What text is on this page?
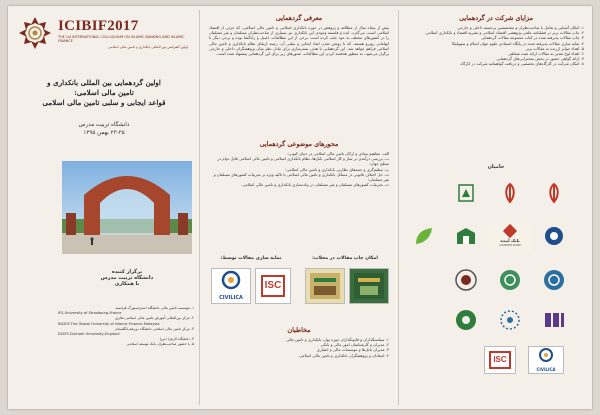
ICIBIF2017
THE 1st INTERNATIONAL COLLOQUIUM ON ISLAMIC BANKING AND ISLAMIC FINANCE
اولین کنفرانس بین المللی بانکداری و تامین مالی اسلامی
اولین گردهمایی بین المللی بانکداری و
تامین مالی اسلامی:
قواعد ایجابی و سلبی تامین مالی اسلامی
دانشگاه تربیت مدرس
۲۳-۲۵ بهمن ۱۳۹۵
برگزار کننده
دانشگاه تربیت مدرس
با همکاری

۱. موسسه تامین مالی دانشگاه استراسبورگ-فرانسه

IFS-University of Strasbourg-France

۲. مرکز بین‌المللی آموزش تامین مالی اسلامی-مالزی

INCEIF-The Global University of Islamic Finance-Malaysia

۳. مرکز تامین مالی اسلامی دانشگاه دورهم-انگلستان

DCIEF-Durham University-England

۴. دانشگاه الزهرا (س)

۵. با حضور صاحب‌نظران بانک توسعه اسلامی

معرفی گردهمایی

بیش از پنجاه سال از مطالعه و پژوهش در حوزه بانکداری اسلامی و تامین مالی اسلامی، که جزئی از اقتصاد اسلامی است، می‌گذرد. ایده و فلسفه وجودی این بانکداری نیز بسیاری از صاحب‌نظران مسلمان و غیر مسلمان را در کشورهای مختلف به خود جلب کرده است. برخی از این مطالعات، اصیل و راه‌گشا بوده و برخی دیگر با ابهاماتی روبرو هستند. که با روشن شدن ابعاد ایجابی و سلبی آن، زمینه ارتقای نظام بانکداری و تامین مالی اسلامی فراهم خواهد شد. این گردهمایی با هدف بسترسازی برای تبادل نظر میان پژوهشگران داخلی و خارجی برگزار می‌شود. به منظور هدفمند کردن این مطالعات، محورهای زیر برای این گردهمایی پیشنهاد شده است.

محورهای موضوعی گردهمایی

الف. مفاهیم بنیادی و ارکان تامین مالی اسلامی در دنیای کنونی؛

ب. بررسی درآمدی بر ساز و کار اسلامی بانک‌ها، نظام بانکداری اسلامی و تامین مالی اسلامی قابل دوام در سطح جهان؛

پ. تنظیم‌گری و جنبه‌های نظارتی بانکداری و تامین مالی اسلامی؛

ت. حل اختلاف قانونی در مسائل بانکداری و تامین مالی اسلامی با تاکید ویژه بر تجربیات کشورهای مسلمان و غیر مسلمان؛

ث. تجربیات کشورهای مسلمان و غیر مسلمان در پیاده‌سازی بانکداری و تامین مالی اسلامی.

نمایه سازی مقالات توسط:	امکان چاپ مقالات در مجلات:
CIVILICA
ISC

مخاطبان

۱. سیاستگذاران و قانونگذاران حوزه پول، بانکداری و تامین مالی

۲. مدیران و کارشناسان امور مالی و بانکی

۳. مدیران بانک‌ها و موسسات مالی و اعتباری

۴. استادان و پژوهشگران بانکداری و تامین مالی اسلامی

مزایای شرکت در گردهمایی

۱. امکان آشنایی و تعامل با صاحب‌نظران و متخصصین برجسته داخلی و خارجی

۲. چاپ مقالات برتر در فصلنامه علمی-پژوهشی اقتصاد اسلامی و نشریه اقتصاد و بانکداری اسلامی

۳. چاپ مقالات پذیرفته شده در کتاب مجموعه مقالات گردهمایی

۴. نمایه سازی مقالات پذیرفته شده در پایگاه استنادی علوم جهان اسلام و سیویلیکا

۵. اهداء جوایز ارزنده به مقالات برتر

۶. اهداء لوح تقدیر به مقالات ارائه شده شفاهی

۷. ارائه گواهی حضور در بخش سخنرانی‌های گردهمایی

۸. امکان شرکت در کارگاه‌های تخصصی و دریافت گواهینامه شرکت در کارگاه

حامیان
بانک آینده
AYANDEH BANK
CIVILICA
ISC
